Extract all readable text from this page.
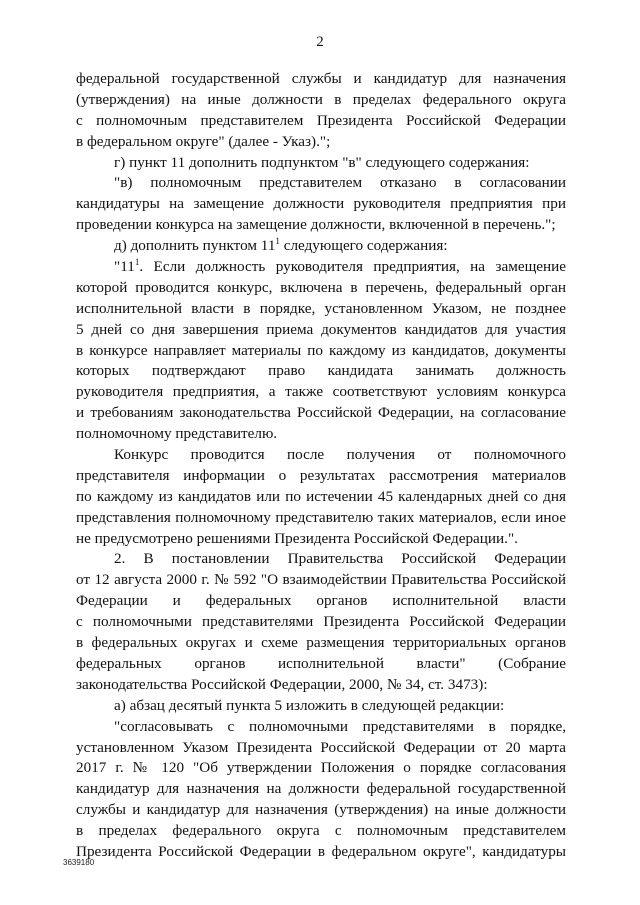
2
федеральной государственной службы и кандидатур для назначения
(утверждения) на иные должности в пределах федерального округа
с полномочным представителем Президента Российской Федерации
в федеральном округе" (далее - Указ).";
г) пункт 11 дополнить подпунктом "в" следующего содержания:
"в) полномочным представителем отказано в согласовании
кандидатуры на замещение должности руководителя предприятия при
проведении конкурса на замещение должности, включенной в перечень.";
д) дополнить пунктом $11^1$ следующего содержания:
"$11^1$. Если должность руководителя предприятия, на замещение
которой проводится конкурс, включена в перечень, федеральный орган
исполнительной власти в порядке, установленном Указом, не позднее
5 дней со дня завершения приема документов кандидатов для участия
в конкурсе направляет материалы по каждому из кандидатов, документы
которых подтверждают право кандидата занимать должность
руководителя предприятия, а также соответствуют условиям конкурса
и требованиям законодательства Российской Федерации, на согласование
полномочному представителю.
Конкурс проводится после получения от полномочного
представителя информации о результатах рассмотрения материалов
по каждому из кандидатов или по истечении 45 календарных дней со дня
представления полномочному представителю таких материалов, если иное
не предусмотрено решениями Президента Российской Федерации.".
2. В постановлении Правительства Российской Федерации
от 12 августа 2000 г. № 592 "О взаимодействии Правительства Российской
Федерации и федеральных органов исполнительной власти
с полномочными представителями Президента Российской Федерации
в федеральных округах и схеме размещения территориальных органов
федеральных органов исполнительной власти" (Собрание
законодательства Российской Федерации, 2000, № 34, ст. 3473):
а) абзац десятый пункта 5 изложить в следующей редакции:
"согласовывать с полномочными представителями в порядке,
установленном Указом Президента Российской Федерации от 20 марта
2017 г. № 120 "Об утверждении Положения о порядке согласования
кандидатур для назначения на должности федеральной государственной
службы и кандидатур для назначения (утверждения) на иные должности
в пределах федерального округа с полномочным представителем
Президента Российской Федерации в федеральном округе", кандидатуры
3639180
